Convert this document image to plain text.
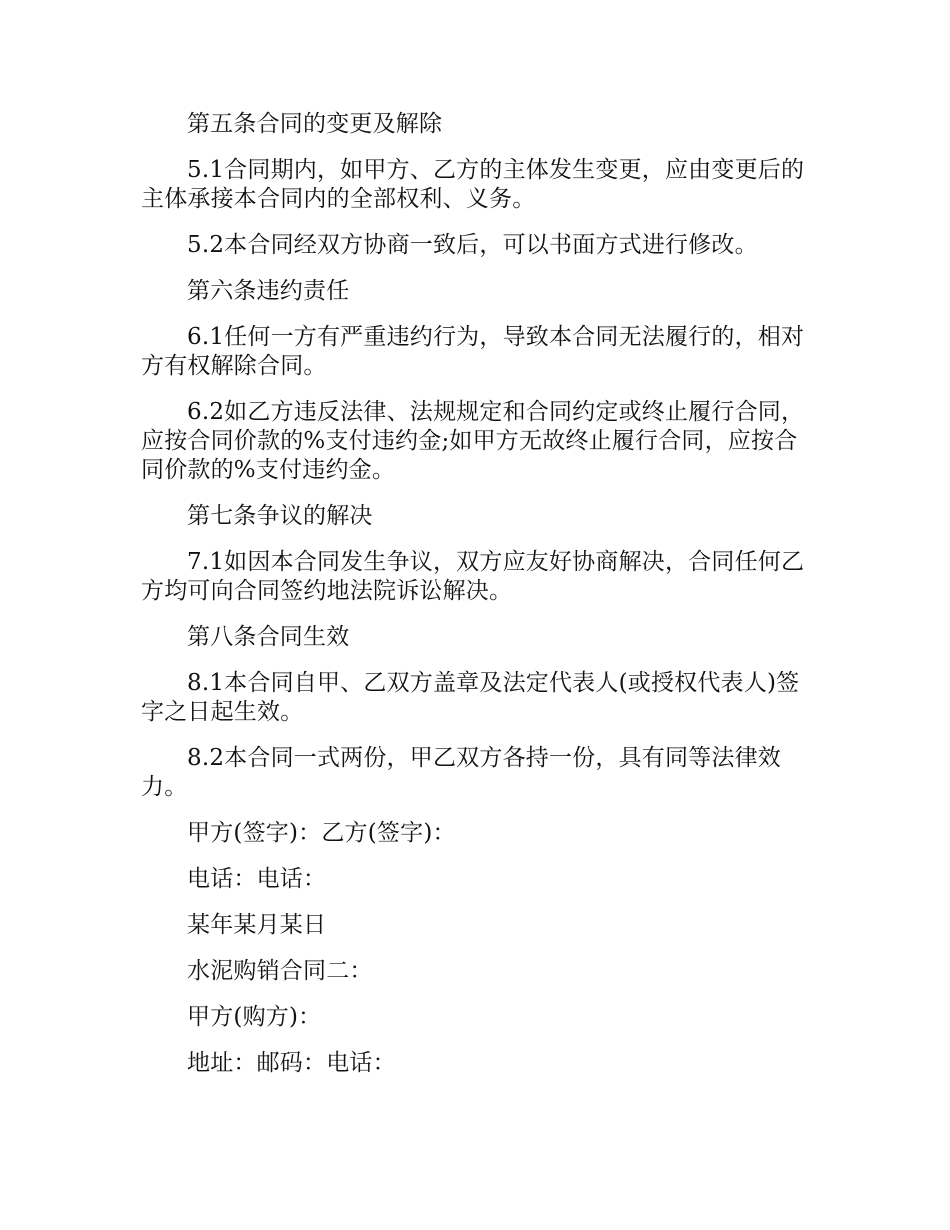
第五条合同的变更及解除

5.1合同期内，如甲方、乙方的主体发生变更，应由变更后的主体承接本合同内的全部权利、义务。

5.2本合同经双方协商一致后，可以书面方式进行修改。

第六条违约责任

6.1任何一方有严重违约行为，导致本合同无法履行的，相对方有权解除合同。

6.2如乙方违反法律、法规规定和合同约定或终止履行合同，应按合同价款的%支付违约金;如甲方无故终止履行合同，应按合同价款的%支付违约金。

第七条争议的解决

7.1如因本合同发生争议，双方应友好协商解决，合同任何乙方均可向合同签约地法院诉讼解决。

第八条合同生效

8.1本合同自甲、乙双方盖章及法定代表人(或授权代表人)签字之日起生效。

8.2本合同一式两份，甲乙双方各持一份，具有同等法律效力。

甲方(签字)：乙方(签字)：

电话：电话：

某年某月某日

水泥购销合同二：

甲方(购方)：

地址：邮码：电话：
